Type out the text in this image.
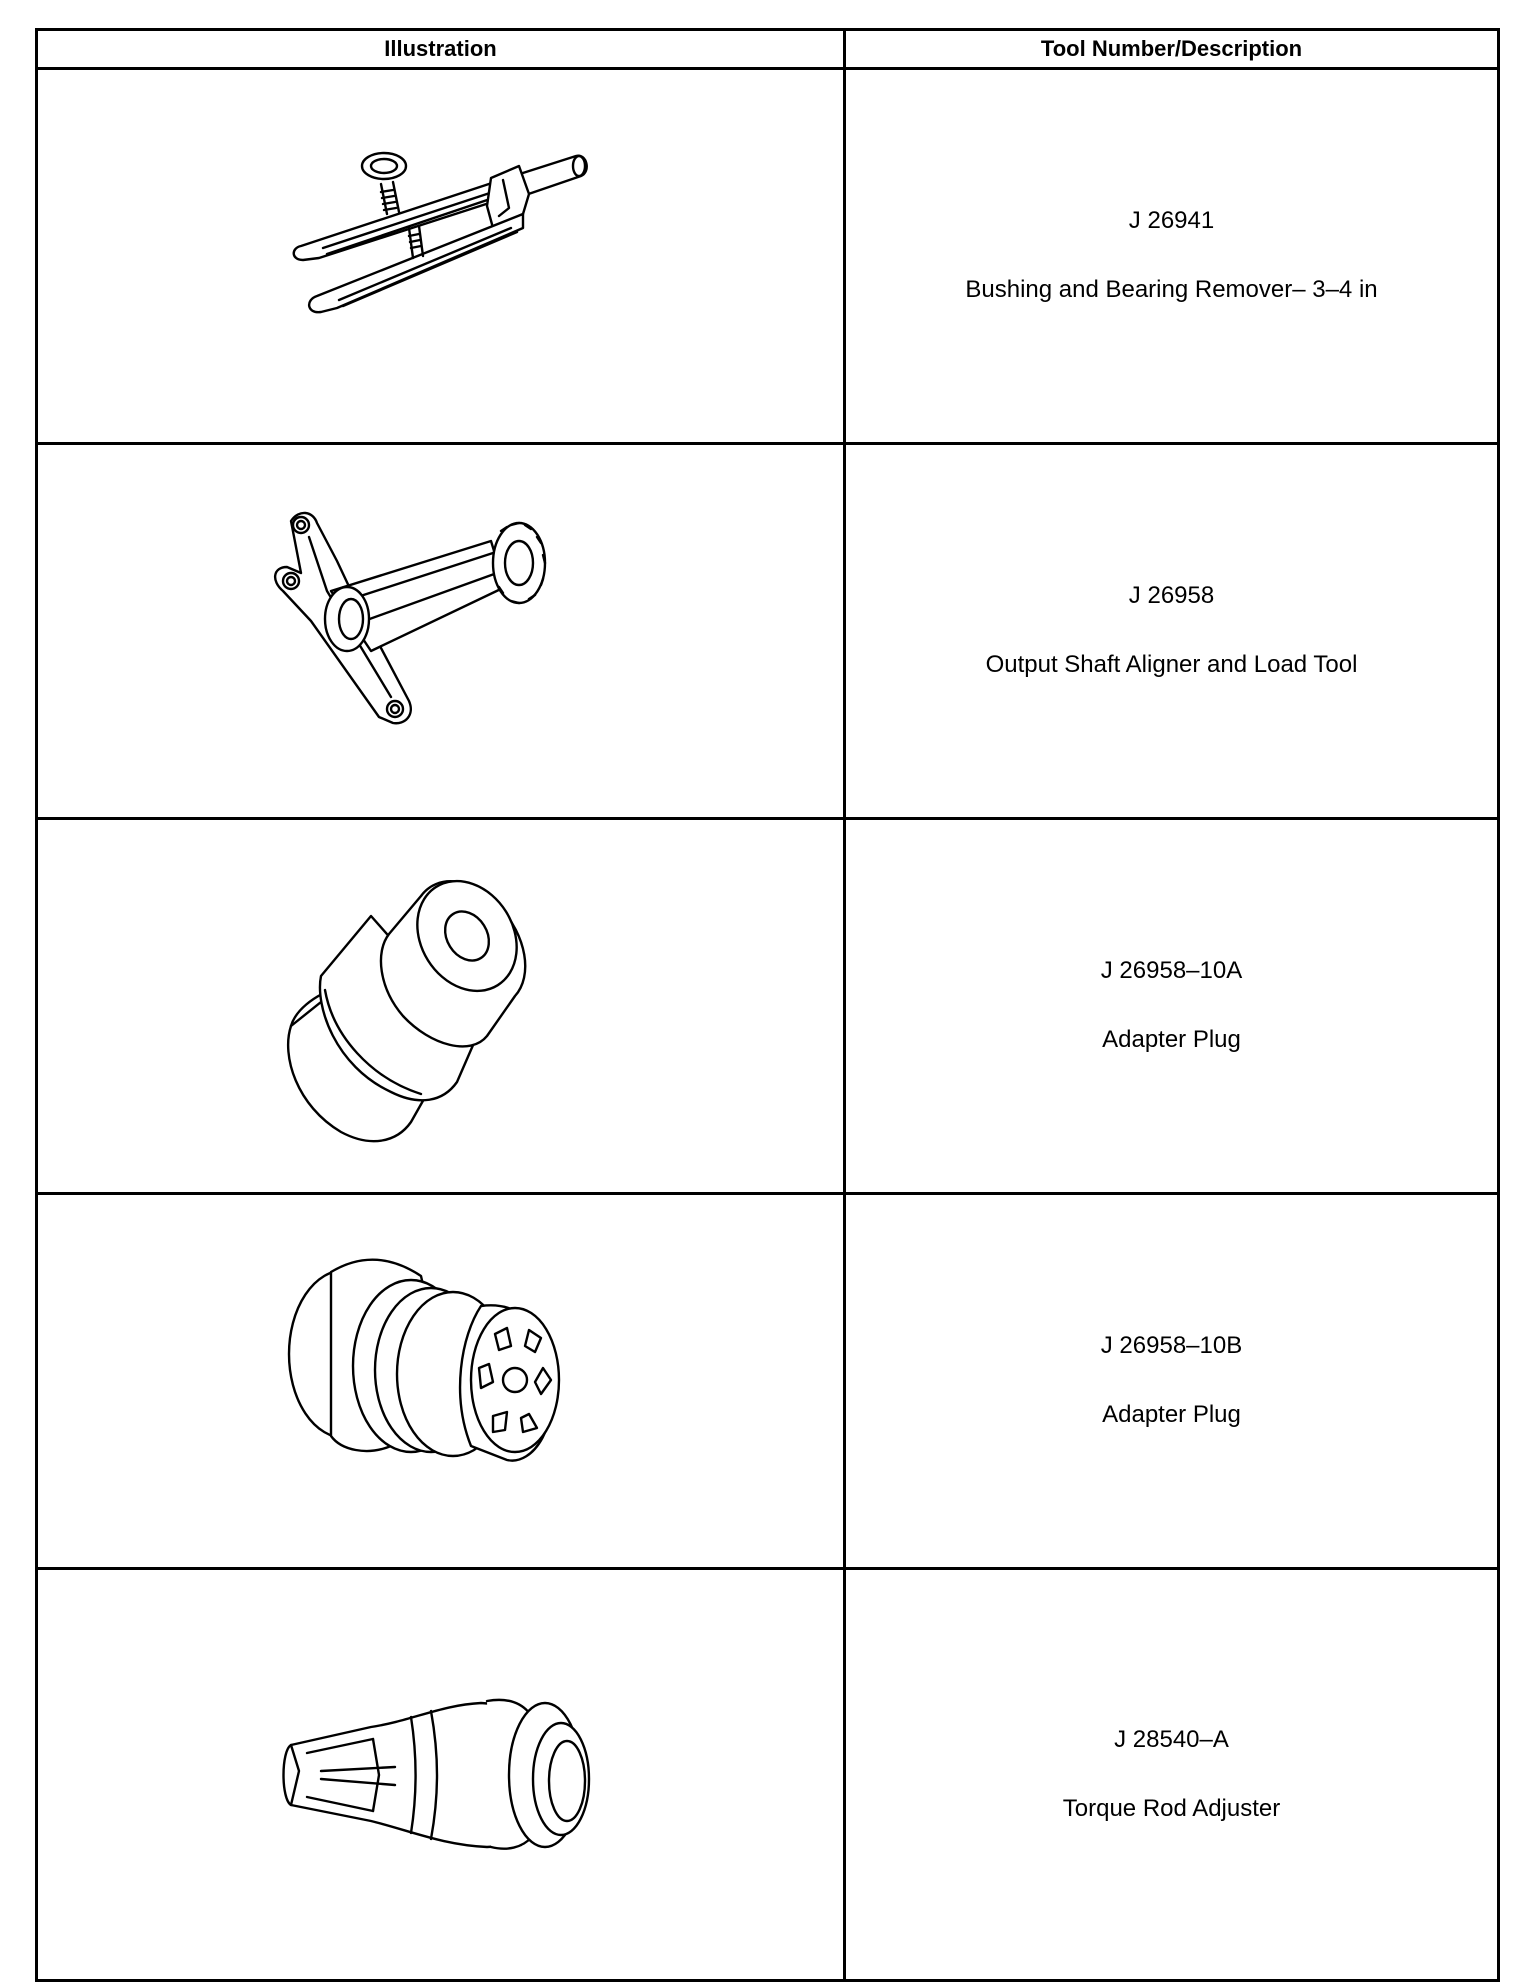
Illustration	Tool Number/Description

J 26941
Bushing and Bearing Remover– 3–4 in

J 26958
Output Shaft Aligner and Load Tool

J 26958–10A
Adapter Plug

J 26958–10B
Adapter Plug

J 28540–A
Torque Rod Adjuster
